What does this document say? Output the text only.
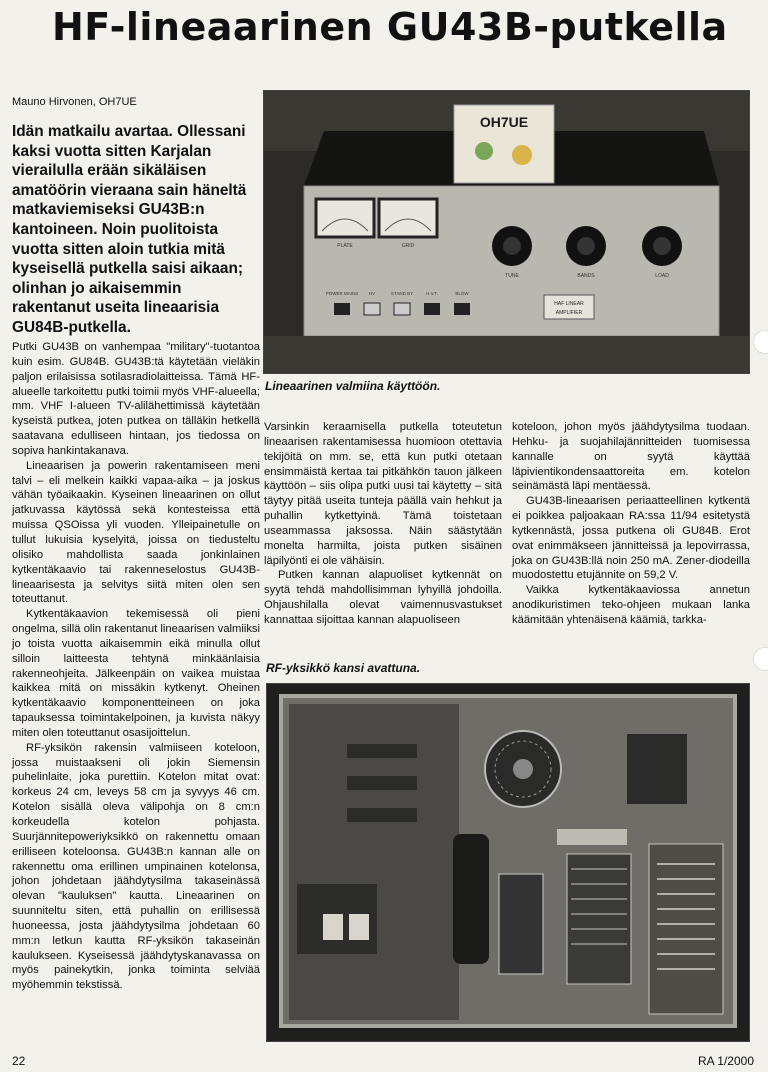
HF-lineaarinen GU43B-putkella
Mauno Hirvonen, OH7UE

Idän matkailu avartaa. Ollessani kaksi vuotta sitten Karjalan vierailulla erään sikäläisen amatöörin vieraana sain häneltä matkaviemiseksi GU43B:n kantoineen. Noin puolitoista vuotta sitten aloin tutkia mitä kyseisellä putkella saisi aikaan; olinhan jo aikaisemmin rakentanut useita lineaarisia GU84B-putkella.

Putki GU43B on vanhempaa "military"-tuotantoa kuin esim. GU84B. GU43B:tä käytetään vieläkin paljon erilaisissa sotilasradiolaitteissa. Tämä HF-alueelle tarkoitettu putki toimii myös VHF-alueella; mm. VHF I-alueen TV-alilähettimissä käytetään kyseistä putkea, joten putkea on tälläkin hetkellä saatavana edulliseen hintaan, jos tiedossa on sopiva hankintakanava.

Lineaarisen ja powerin rakentamiseen meni talvi – eli melkein kaikki vapaa-aika – ja joskus vähän työaikaakin. Kyseinen lineaarinen on ollut jatkuvassa käytössä sekä kontesteissa että muissa QSOissa yli vuoden. Ylleipainetulle on tullut lukuisia kyselyitä, joissa on tiedusteltu olisiko mahdollista saada jonkinlainen kytkentäkaavio tai rakenneselostus GU43B-lineaarisesta ja selvitys siitä miten olen sen toteuttanut.

Kytkentäkaavion tekemisessä oli pieni ongelma, sillä olin rakentanut lineaarisen valmiiksi jo toista vuotta aikaisemmin eikä minulla ollut silloin laitteesta tehtynä minkäänlaisia rakenneohjeita. Jälkeenpäin on vaikea muistaa kaikkea mitä on missäkin kytkenyt. Oheinen kytkentäkaavio komponentteineen on joka tapauksessa toimintakelpoinen, ja kuvista näkyy miten olen toteuttanut osasijoittelun.

RF-yksikön rakensin valmiiseen koteloon, jossa muistaakseni oli jokin Siemensin puhelinlaite, joka purettiin. Kotelon mitat ovat: korkeus 24 cm, leveys 58 cm ja syvyys 46 cm. Kotelon sisällä oleva välipohja on 8 cm:n korkeudella kotelon pohjasta. Suurjännitepoweriyksikkö on rakennettu omaan erilliseen koteloonsa. GU43B:n kannan alle on rakennettu oma erillinen umpinainen kotelonsa, johon johdetaan jäähdytysilma takaseinässä olevan "kauluksen" kautta. Lineaarinen on suunniteltu siten, että puhallin on erillisessä huoneessa, josta jäähdytysilma johdetaan 60 mm:n letkun kautta RF-yksikön takaseinän kaulukseen. Kyseisessä jäähdytyskanavassa on myös painekytkin, jonka toiminta selviää myöhemmin tekstissä.

OH7UE
PLATE	GRID
TUNE	BANDS	LOAD
POWER MAINS HV	STAND BY	H.V.T.	BLOW
HAF LINEAR
AMPLIFIER

Lineaarinen valmiina käyttöön.

Varsinkin keraamisella putkella toteutetun lineaarisen rakentamisessa huomioon otettavia tekijöitä on mm. se, että kun putki otetaan ensimmäistä kertaa tai pitkähkön tauon jälkeen käyttöön – siis olipa putki uusi tai käytetty – sitä täytyy pitää useita tunteja päällä vain hehkut ja puhallin kytkettyinä. Tämä toistetaan useammassa jaksossa. Näin säästytään monelta harmilta, joista putken sisäinen läpilyönti ei ole vähäisin.

Putken kannan alapuoliset kytkennät on syytä tehdä mahdollisimman lyhyillä johdoilla. Ohjaushilalla olevat vaimennusvastukset kannattaa sijoittaa kannan alapuoliseen

koteloon, johon myös jäähdytysilma tuodaan. Hehku- ja suojahilajännitteiden tuomisessa kannalle on syytä käyttää läpivientikondensaattoreita em. kotelon seinämästä läpi mentäessä.

GU43B-lineaarisen periaatteellinen kytkentä ei poikkea paljoakaan RA:ssa 11/94 esitetystä kytkennästä, jossa putkena oli GU84B. Erot ovat enimmäkseen jännitteissä ja lepovirrassa, joka on GU43B:llä noin 250 mA. Zener-diodeilla muodostettu etujännite on 59,2 V.

Vaikka kytkentäkaaviossa annetun anodikuristimen teko-ohjeen mukaan lanka käämitään yhtenäisenä käämiä, tarkka-

RF-yksikkö kansi avattuna.

22	RA 1/2000
